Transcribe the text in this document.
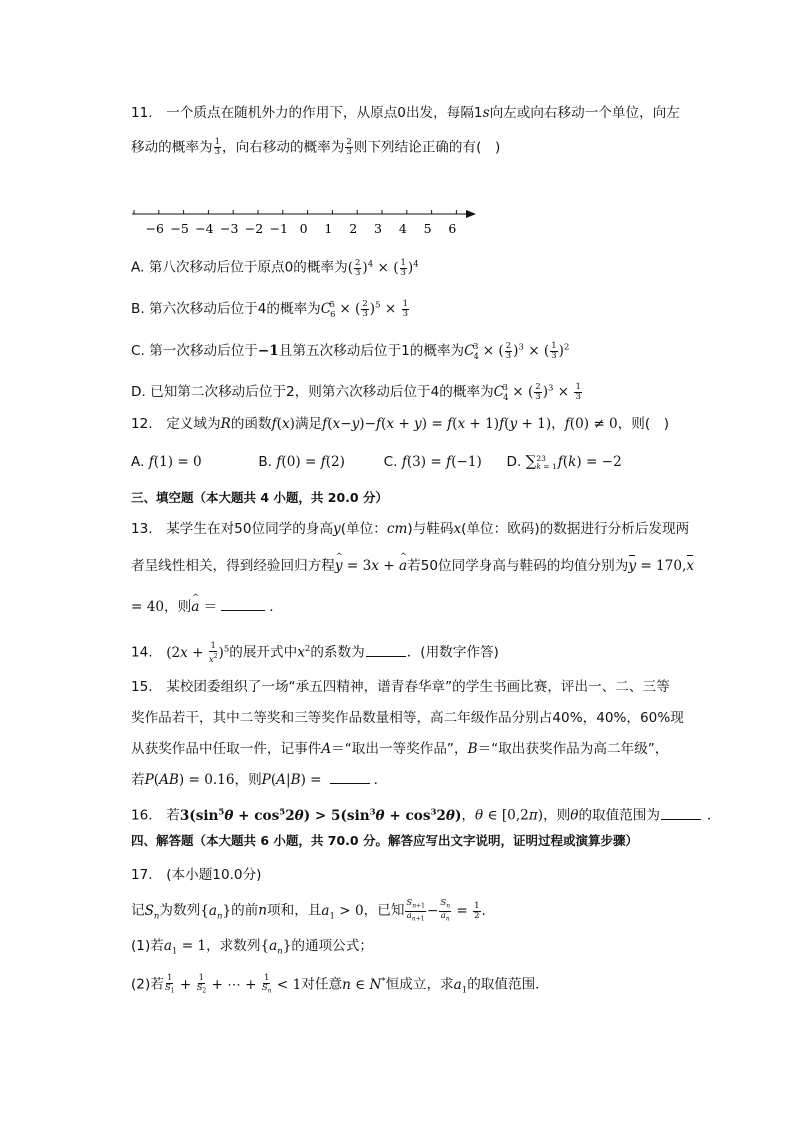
11.　一个质点在随机外力的作用下，从原点0出发，每隔1s向左或向右移动一个单位，向左
移动的概率为 $\frac{1}{3}$ ，向右移动的概率为 $\frac{2}{3}$ 则下列结论正确的有(　)
−6 −5 −4 −3 −2 −1 0 1 2 3 4 5 6
A. 第八次移动后位于原点0的概率为( $\frac{2}{3} )^4$ × ( $\frac{1}{3} )^4$
B. 第六次移动后位于4的概率为$C_6^5$ × ( $\frac{2}{3} )^5 \times \frac{1}{3}$
C. 第一次移动后位于−1且第五次移动后位于1的概率为$C_4^3$ × ( $\frac{2}{3} )^3$ × ( $\frac{1}{3} )^2$
D. 已知第二次移动后位于2，则第六次移动后位于4的概率为$C_4^3$ × ( $\frac{2}{3} )^3 \times \frac{1}{3}$
12.　定义域为R的函数f(x)满足f(x−y)−f(x + y) = f(x + 1)f(y + 1)，f(0) ≠ 0，则(　)
A. f(1) = 0	B. f(0) = f(2)	C. f(3) = f(−1) D. ∑ 23
k = 1 f(k) = −2
三、填空题（本大题共 4 小题，共 20.0 分）
13.　某学生在对50位同学的身高y(单位：cm)与鞋码x(单位：欧码)的数据进行分析后发现两
者呈线性相关，得到经验回归方程^ y = 3x + ^ a若50位同学身高与鞋码的均值分别为y = 170,x
= 40，则^ a ＝	．
14.　$(2x + \frac{1}{x^2} )^5$的展开式中$x^2$的系数为	．(用数字作答)
15.　某校团委组织了一场“承五四精神，谱青春华章”的学生书画比赛，评出一、二、三等
奖作品若干，其中二等奖和三等奖作品数量相等，高二年级作品分别占40%，40%，60%现
从获奖作品中任取一件，记事件A＝“取出一等奖作品”，B＝“取出获奖作品为高二年级”，
若P(AB) = 0.16，则P(A|B) =	．
16.　若$3(\sin^5\theta + \cos^52\theta) > 5(\sin^3\theta + \cos^32\theta)$，θ ∈ [0,2π)，则θ的取值范围为	．
四、解答题（本大题共 6 小题，共 70.0 分。解答应写出文字说明，证明过程或演算步骤）
17.　(本小题10.0分)
记$S_n$为数列$\{a_n\}$的前n项和，且$a_1 > 0$，已知 $\frac{S_{n+1}}{a_{n+1}} - \frac{S_n}{a_n} = \frac{1}{2}$ .
(1)若$a_1 = 1$，求数列$\{a_n\}$的通项公式；
(2)若 $\frac{1}{S_1} + \frac{1}{S_2}$ + ⋯ + $\frac{1}{S_n} < 1$对任意n ∈ N*恒成立，求$a_1$的取值范围．
